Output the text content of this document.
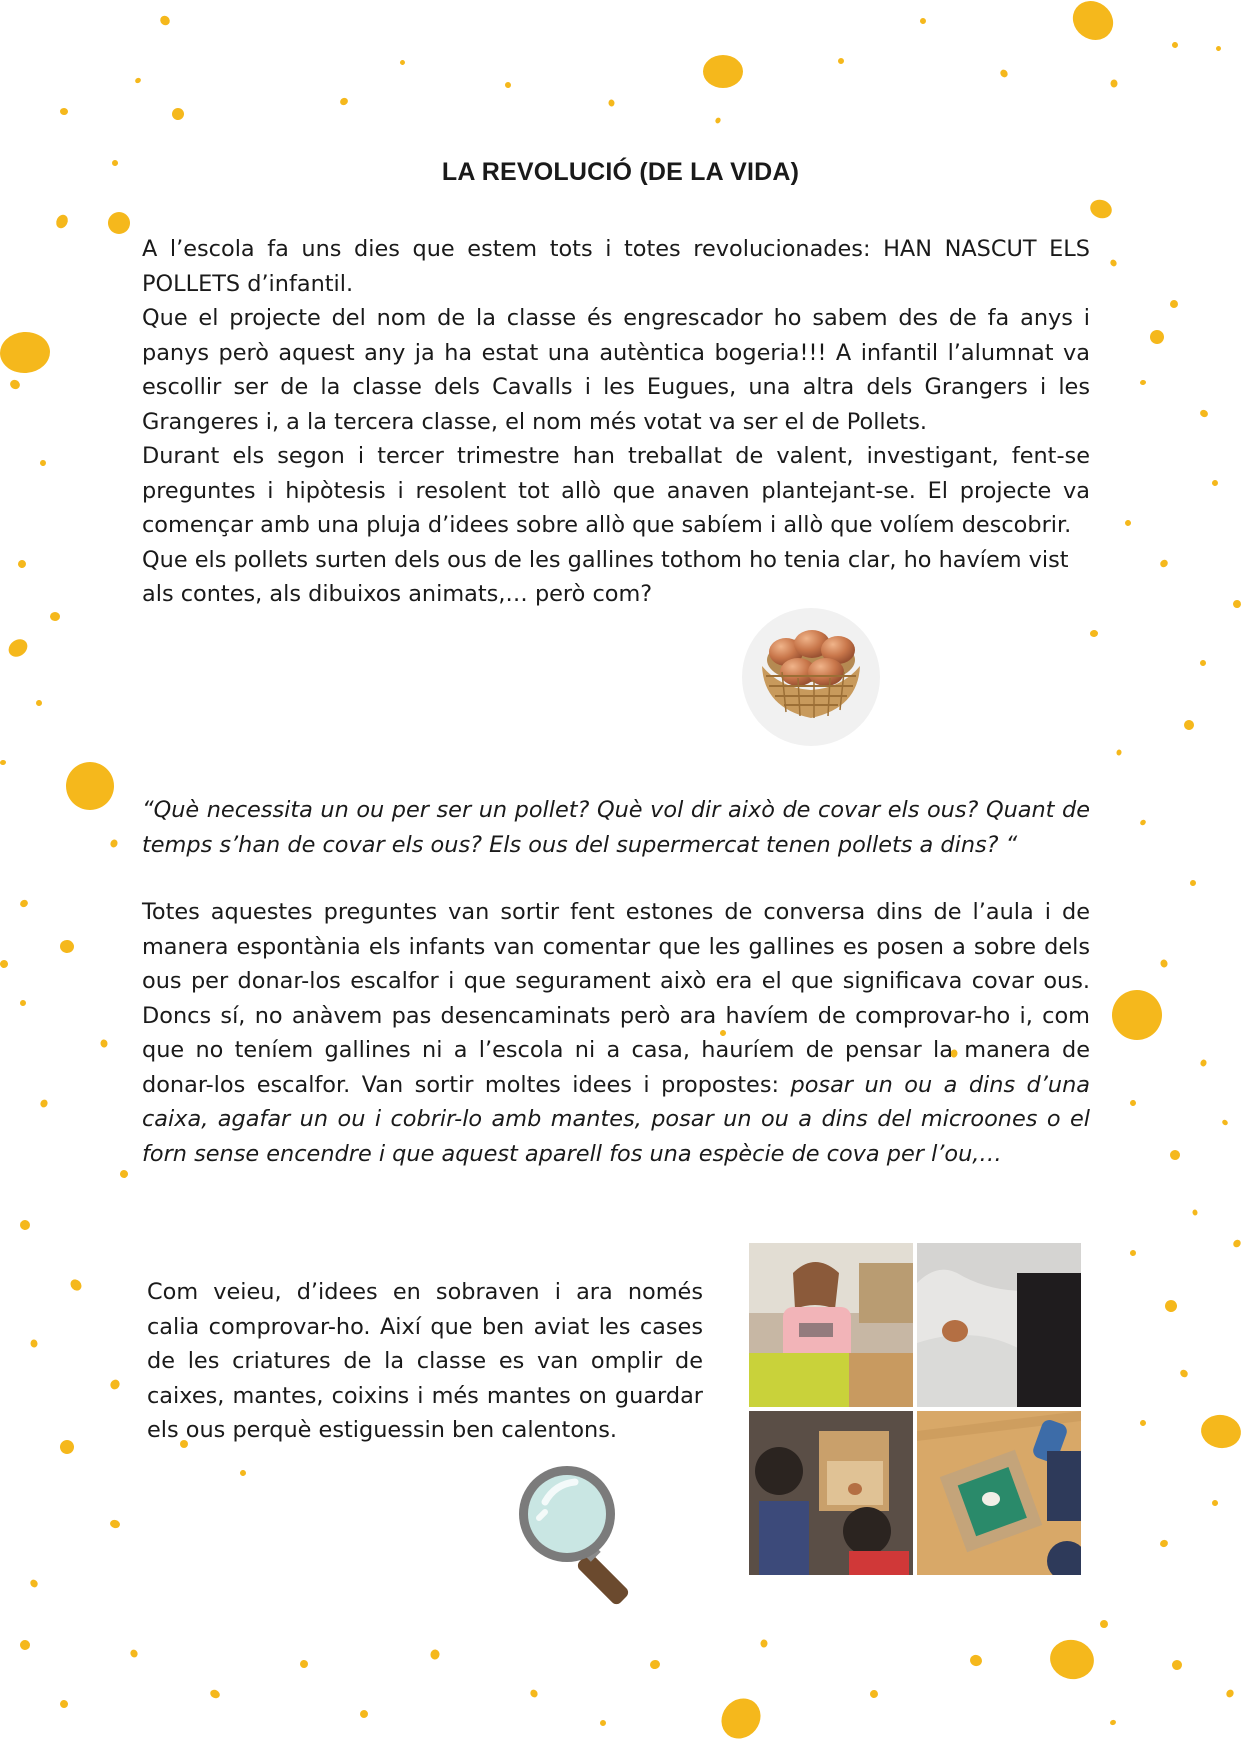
LA REVOLUCIÓ (DE LA VIDA)

A l’escola fa uns dies que estem tots i totes revolucionades: HAN NASCUT ELS POLLETS d’infantil.

Que el projecte del nom de la classe és engrescador ho sabem des de fa anys i panys però aquest any ja ha estat una autèntica bogeria!!! A infantil l’alumnat va escollir ser de la classe dels Cavalls i les Eugues, una altra dels Grangers i les Grangeres i, a la tercera classe, el nom més votat va ser el de Pollets.

Durant els segon i tercer trimestre han treballat de valent, investigant, fent-se preguntes i hipòtesis i resolent tot allò que anaven plantejant-se. El projecte va començar amb una pluja d’idees sobre allò que sabíem i allò que volíem descobrir.

Que els pollets surten dels ous de les gallines tothom ho tenia clar, ho havíem vist als contes, als dibuixos animats,… però com?

“Què necessita un ou per ser un pollet? Què vol dir això de covar els ous? Quant de temps s’han de covar els ous? Els ous del supermercat tenen pollets a dins? “
Totes aquestes preguntes van sortir fent estones de conversa dins de l’aula i de manera espontània els infants van comentar que les gallines es posen a sobre dels ous per donar-los escalfor i que segurament això era el que significava covar ous. Doncs sí, no anàvem pas desencaminats però ara havíem de comprovar-ho i, com que no teníem gallines ni a l’escola ni a casa, hauríem de pensar la manera de donar-los escalfor. Van sortir moltes idees i propostes: posar un ou a dins d’una caixa, agafar un ou i cobrir-lo amb mantes, posar un ou a dins del microones o el forn sense encendre i que aquest aparell fos una espècie de cova per l’ou,…
Com veieu, d’idees en sobraven i ara només calia comprovar-ho. Així que ben aviat les cases de les criatures de la classe es van omplir de caixes, mantes, coixins i més mantes on guardar els ous perquè estiguessin ben calentons.
